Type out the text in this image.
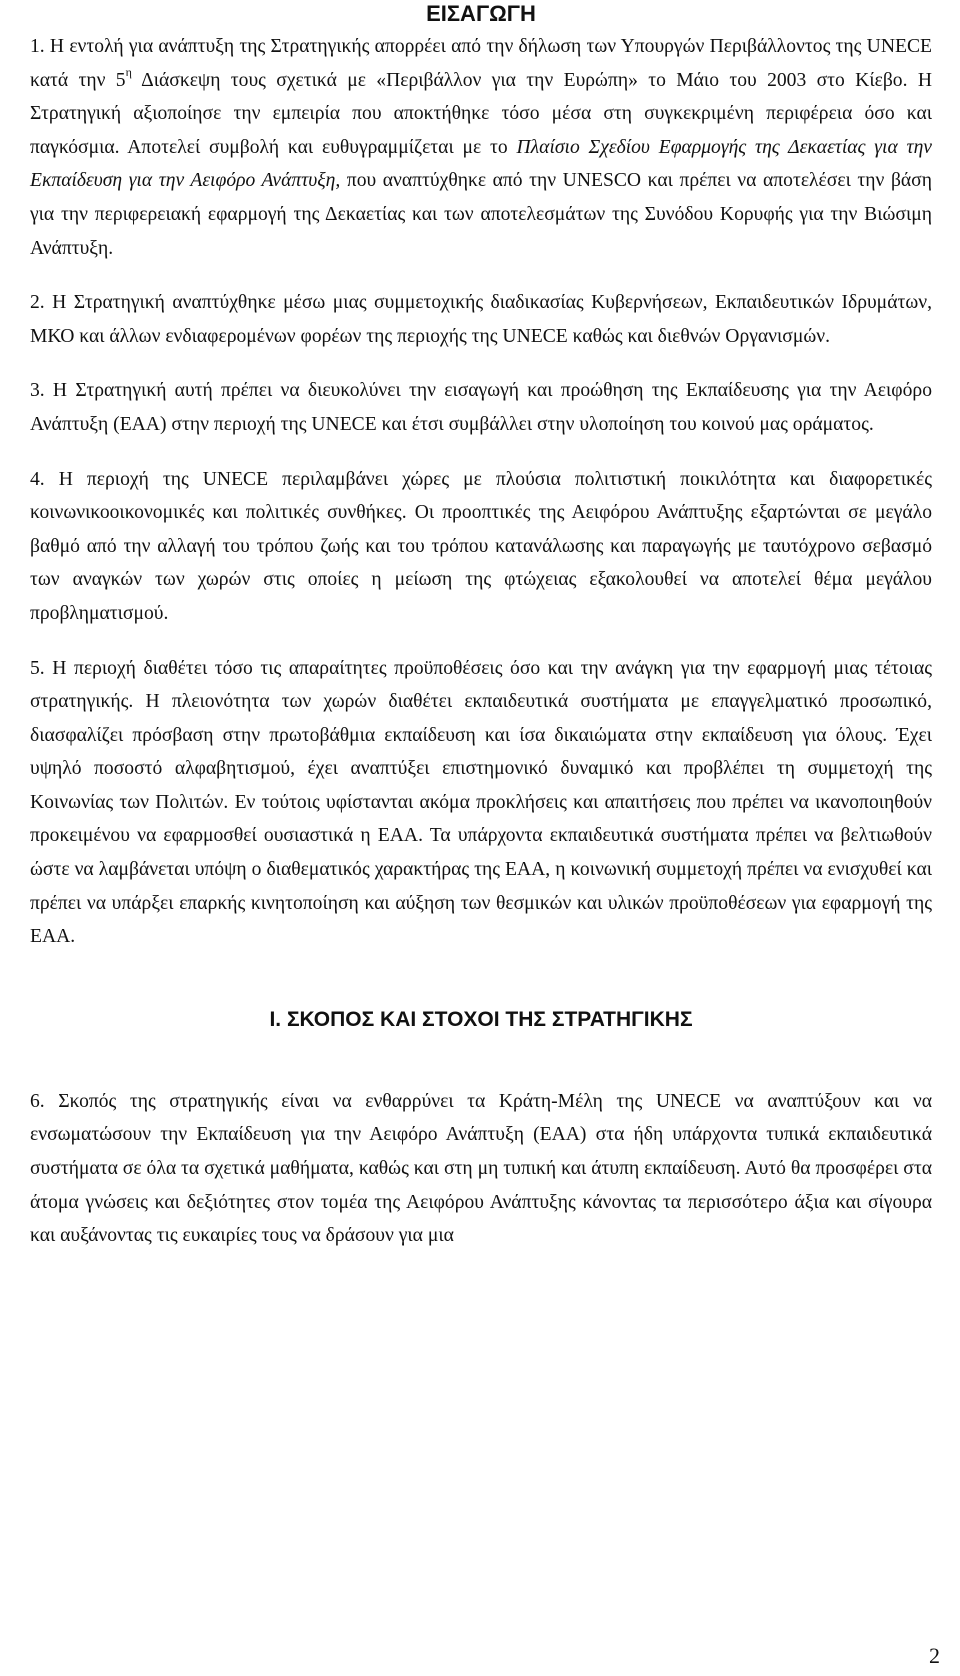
ΕΙΣΑΓΩΓΗ

1. Η εντολή για ανάπτυξη της Στρατηγικής απορρέει από την δήλωση των Υπουργών Περιβάλλοντος της UNECE κατά την $5^\eta$ Διάσκεψη τους σχετικά με «Περιβάλλον για την Ευρώπη» το Μάιο του 2003 στο Κίεβο. Η Στρατηγική αξιοποίησε την εμπειρία που αποκτήθηκε τόσο μέσα στη συγκεκριμένη περιφέρεια όσο και παγκόσμια. Αποτελεί συμβολή και ευθυγραμμίζεται με το Πλαίσιο Σχεδίου Εφαρμογής της Δεκαετίας για την Εκπαίδευση για την Αειφόρο Ανάπτυξη, που αναπτύχθηκε από την UNESCO και πρέπει να αποτελέσει την βάση για την περιφερειακή εφαρμογή της Δεκαετίας και των αποτελεσμάτων της Συνόδου Κορυφής για την Βιώσιμη Ανάπτυξη.

2. Η Στρατηγική αναπτύχθηκε μέσω μιας συμμετοχικής διαδικασίας Κυβερνήσεων, Εκπαιδευτικών Ιδρυμάτων, ΜΚΟ και άλλων ενδιαφερομένων φορέων της περιοχής της UNECE καθώς και διεθνών Οργανισμών.

3. Η Στρατηγική αυτή πρέπει να διευκολύνει την εισαγωγή και προώθηση της Εκπαίδευσης για την Αειφόρο Ανάπτυξη (ΕΑΑ) στην περιοχή της UNECE και έτσι συμβάλλει στην υλοποίηση του κοινού μας οράματος.

4. Η περιοχή της UNECE περιλαμβάνει χώρες με πλούσια πολιτιστική ποικιλότητα και διαφορετικές κοινωνικοοικονομικές και πολιτικές συνθήκες. Οι προοπτικές της Αειφόρου Ανάπτυξης εξαρτώνται σε μεγάλο βαθμό από την αλλαγή του τρόπου ζωής και του τρόπου κατανάλωσης και παραγωγής με ταυτόχρονο σεβασμό των αναγκών των χωρών στις οποίες η μείωση της φτώχειας εξακολουθεί να αποτελεί θέμα μεγάλου προβληματισμού.

5. Η περιοχή διαθέτει τόσο τις απαραίτητες προϋποθέσεις όσο και την ανάγκη για την εφαρμογή μιας τέτοιας στρατηγικής. Η πλειονότητα των χωρών διαθέτει εκπαιδευτικά συστήματα με επαγγελματικό προσωπικό, διασφαλίζει πρόσβαση στην πρωτοβάθμια εκπαίδευση και ίσα δικαιώματα στην εκπαίδευση για όλους. Έχει υψηλό ποσοστό αλφαβητισμού, έχει αναπτύξει επιστημονικό δυναμικό και προβλέπει τη συμμετοχή της Κοινωνίας των Πολιτών. Εν τούτοις υφίστανται ακόμα προκλήσεις και απαιτήσεις που πρέπει να ικανοποιηθούν προκειμένου να εφαρμοσθεί ουσιαστικά η ΕΑΑ. Τα υπάρχοντα εκπαιδευτικά συστήματα πρέπει να βελτιωθούν ώστε να λαμβάνεται υπόψη ο διαθεματικός χαρακτήρας της ΕΑΑ, η κοινωνική συμμετοχή πρέπει να ενισχυθεί και πρέπει να υπάρξει επαρκής κινητοποίηση και αύξηση των θεσμικών και υλικών προϋποθέσεων για εφαρμογή της ΕΑΑ.

Ι. ΣΚΟΠΟΣ ΚΑΙ ΣΤΟΧΟΙ ΤΗΣ ΣΤΡΑΤΗΓΙΚΗΣ

6. Σκοπός της στρατηγικής είναι να ενθαρρύνει τα Κράτη-Μέλη της UNECE να αναπτύξουν και να ενσωματώσουν την Εκπαίδευση για την Αειφόρο Ανάπτυξη (ΕΑΑ) στα ήδη υπάρχοντα τυπικά εκπαιδευτικά συστήματα σε όλα τα σχετικά μαθήματα, καθώς και στη μη τυπική και άτυπη εκπαίδευση. Αυτό θα προσφέρει στα άτομα γνώσεις και δεξιότητες στον τομέα της Αειφόρου Ανάπτυξης κάνοντας τα περισσότερο άξια και σίγουρα και αυξάνοντας τις ευκαιρίες τους να δράσουν για μια

2
